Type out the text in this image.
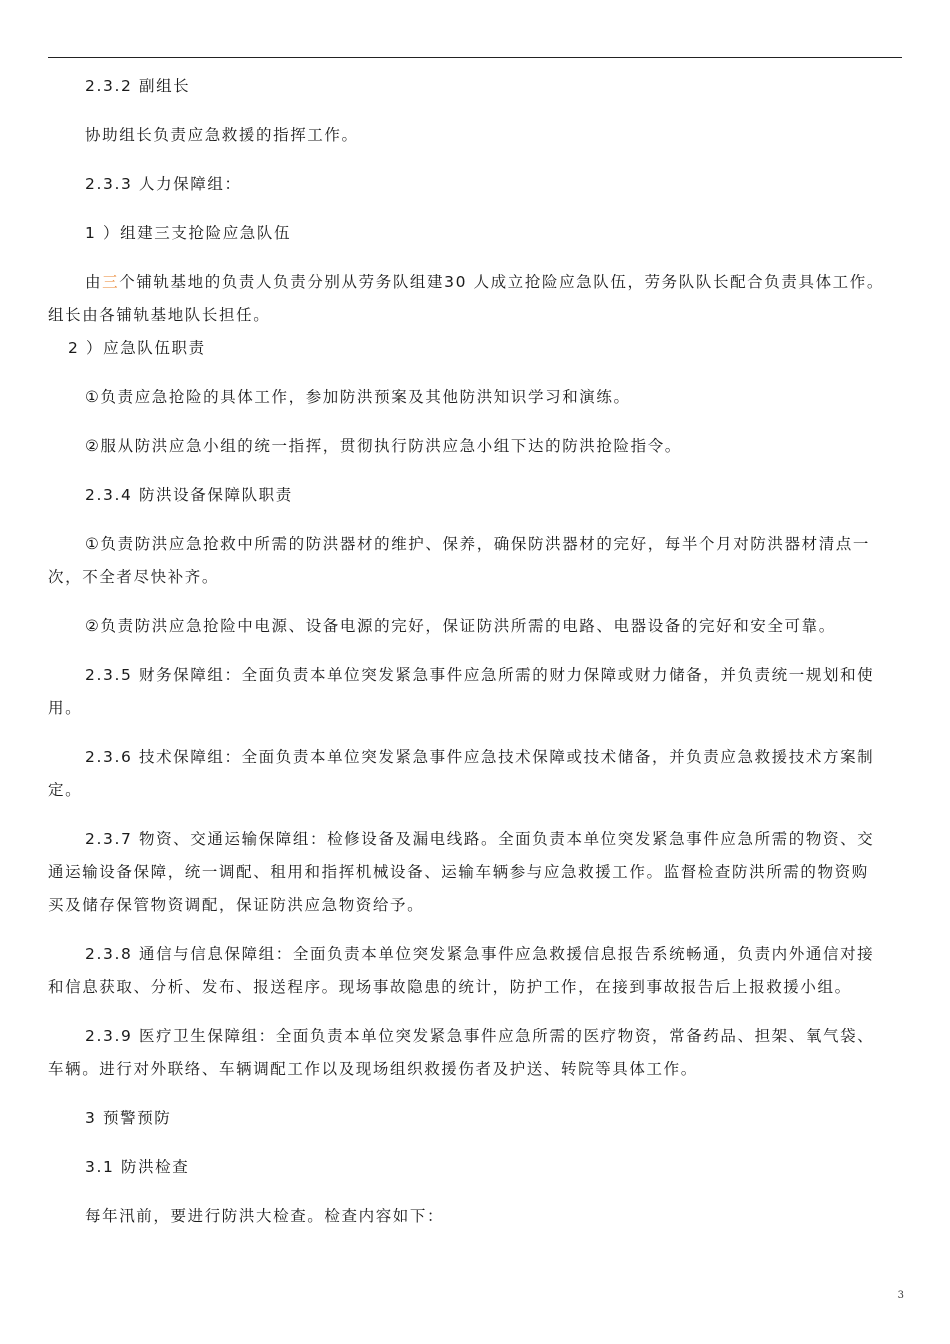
2.3.2 副组长

协助组长负责应急救援的指挥工作。

2.3.3 人力保障组：

1 ）组建三支抢险应急队伍

由三个铺轨基地的负责人负责分别从劳务队组建30 人成立抢险应急队伍，劳务队队长配合负责具体工作。

组长由各铺轨基地队长担任。

2 ）应急队伍职责

①负责应急抢险的具体工作，参加防洪预案及其他防洪知识学习和演练。

②服从防洪应急小组的统一指挥，贯彻执行防洪应急小组下达的防洪抢险指令。

2.3.4 防洪设备保障队职责

①负责防洪应急抢救中所需的防洪器材的维护、保养，确保防洪器材的完好，每半个月对防洪器材清点一

次，不全者尽快补齐。

②负责防洪应急抢险中电源、设备电源的完好，保证防洪所需的电路、电器设备的完好和安全可靠。

2.3.5 财务保障组：全面负责本单位突发紧急事件应急所需的财力保障或财力储备，并负责统一规划和使

用。

2.3.6 技术保障组：全面负责本单位突发紧急事件应急技术保障或技术储备，并负责应急救援技术方案制

定。

2.3.7 物资、交通运输保障组：检修设备及漏电线路。全面负责本单位突发紧急事件应急所需的物资、交

通运输设备保障，统一调配、租用和指挥机械设备、运输车辆参与应急救援工作。监督检查防洪所需的物资购

买及储存保管物资调配，保证防洪应急物资给予。

2.3.8 通信与信息保障组：全面负责本单位突发紧急事件应急救援信息报告系统畅通，负责内外通信对接

和信息获取、分析、发布、报送程序。现场事故隐患的统计，防护工作，在接到事故报告后上报救援小组。

2.3.9 医疗卫生保障组：全面负责本单位突发紧急事件应急所需的医疗物资，常备药品、担架、氧气袋、

车辆。进行对外联络、车辆调配工作以及现场组织救援伤者及护送、转院等具体工作。

3 预警预防

3.1 防洪检查

每年汛前，要进行防洪大检查。检查内容如下：

3
